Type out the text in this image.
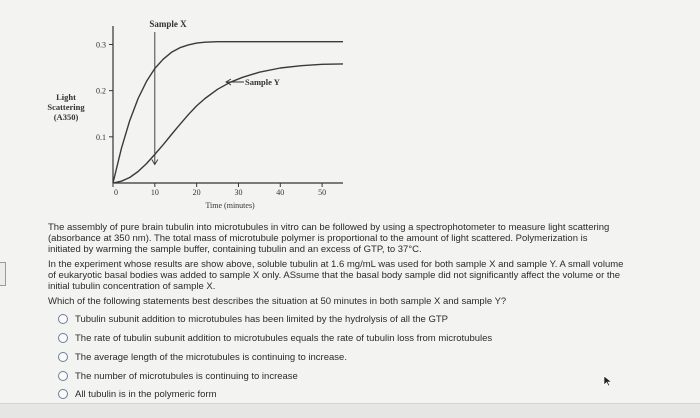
0.1
0.2
0.3
0	10	20	30	40	50
Sample X
Sample Y
Light
Scattering
(A350)
Time (minutes)
The assembly of pure brain tubulin into microtubules in vitro can be followed by using a spectrophotometer to measure light scattering
(absorbance at 350 nm). The total mass of microtubule polymer is proportional to the amount of light scattered. Polymerization is
initiated by warming the sample buffer, containing tubulin and an excess of GTP, to 37°C.
In the experiment whose results are show above, soluble tubulin at 1.6 mg/mL was used for both sample X and sample Y. A small volume
of eukaryotic basal bodies was added to sample X only. ASsume that the basal body sample did not significantly affect the volume or the
initial tubulin concentration of sample X.
Which of the following statements best describes the situation at 50 minutes in both sample X and sample Y?
Tubulin subunit addition to microtubules has been limited by the hydrolysis of all the GTP
The rate of tubulin subunit addition to microtubules equals the rate of tubulin loss from microtubules
The average length of the microtubules is continuing to increase.
The number of microtubules is continuing to increase
All tubulin is in the polymeric form
